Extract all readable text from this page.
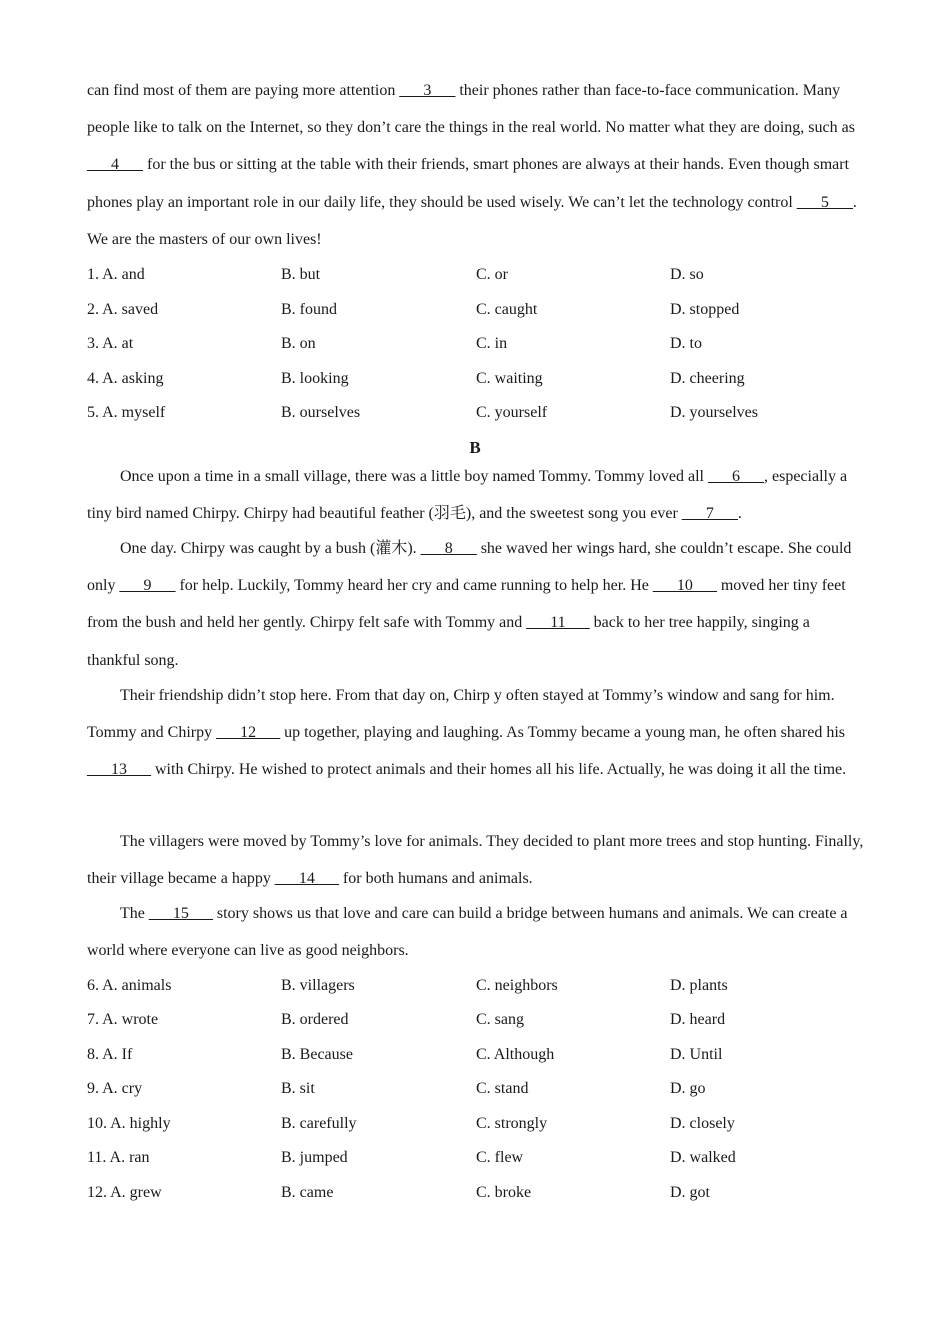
can find most of them are paying more attention ___3___ their phones rather than face-to-face communication. Many people like to talk on the Internet, so they don’t care the things in the real world. No matter what they are doing, such as ___4___ for the bus or sitting at the table with their friends, smart phones are always at their hands. Even though smart phones play an important role in our daily life, they should be used wisely. We can’t let the technology control ___5___. We are the masters of our own lives!

1. A. and	B. but	C. or	D. so
2. A. saved	B. found	C. caught	D. stopped
3. A. at	B. on	C. in	D. to
4. A. asking	B. looking	C. waiting	D. cheering
5. A. myself	B. ourselves	C. yourself	D. yourselves
B

Once upon a time in a small village, there was a little boy named Tommy. Tommy loved all ___6___, especially a tiny bird named Chirpy. Chirpy had beautiful feather (羽毛), and the sweetest song you ever ___7___.

One day. Chirpy was caught by a bush (灌木). ___8___ she waved her wings hard, she couldn’t escape. She could only ___9___ for help. Luckily, Tommy heard her cry and came running to help her. He ___10___ moved her tiny feet from the bush and held her gently. Chirpy felt safe with Tommy and ___11___ back to her tree happily, singing a thankful song.

Their friendship didn’t stop here. From that day on, Chirp y often stayed at Tommy’s window and sang for him. Tommy and Chirpy ___12___ up together, playing and laughing. As Tommy became a young man, he often shared his ___13___ with Chirpy. He wished to protect animals and their homes all his life. Actually, he was doing it all the time.

The villagers were moved by Tommy’s love for animals. They decided to plant more trees and stop hunting. Finally, their village became a happy ___14___ for both humans and animals.

The ___15___ story shows us that love and care can build a bridge between humans and animals. We can create a world where everyone can live as good neighbors.

6. A. animals	B. villagers	C. neighbors	D. plants
7. A. wrote	B. ordered	C. sang	D. heard
8. A. If	B. Because	C. Although	D. Until
9. A. cry	B. sit	C. stand	D. go
10. A. highly	B. carefully	C. strongly	D. closely
11. A. ran	B. jumped	C. flew	D. walked
12. A. grew	B. came	C. broke	D. got
